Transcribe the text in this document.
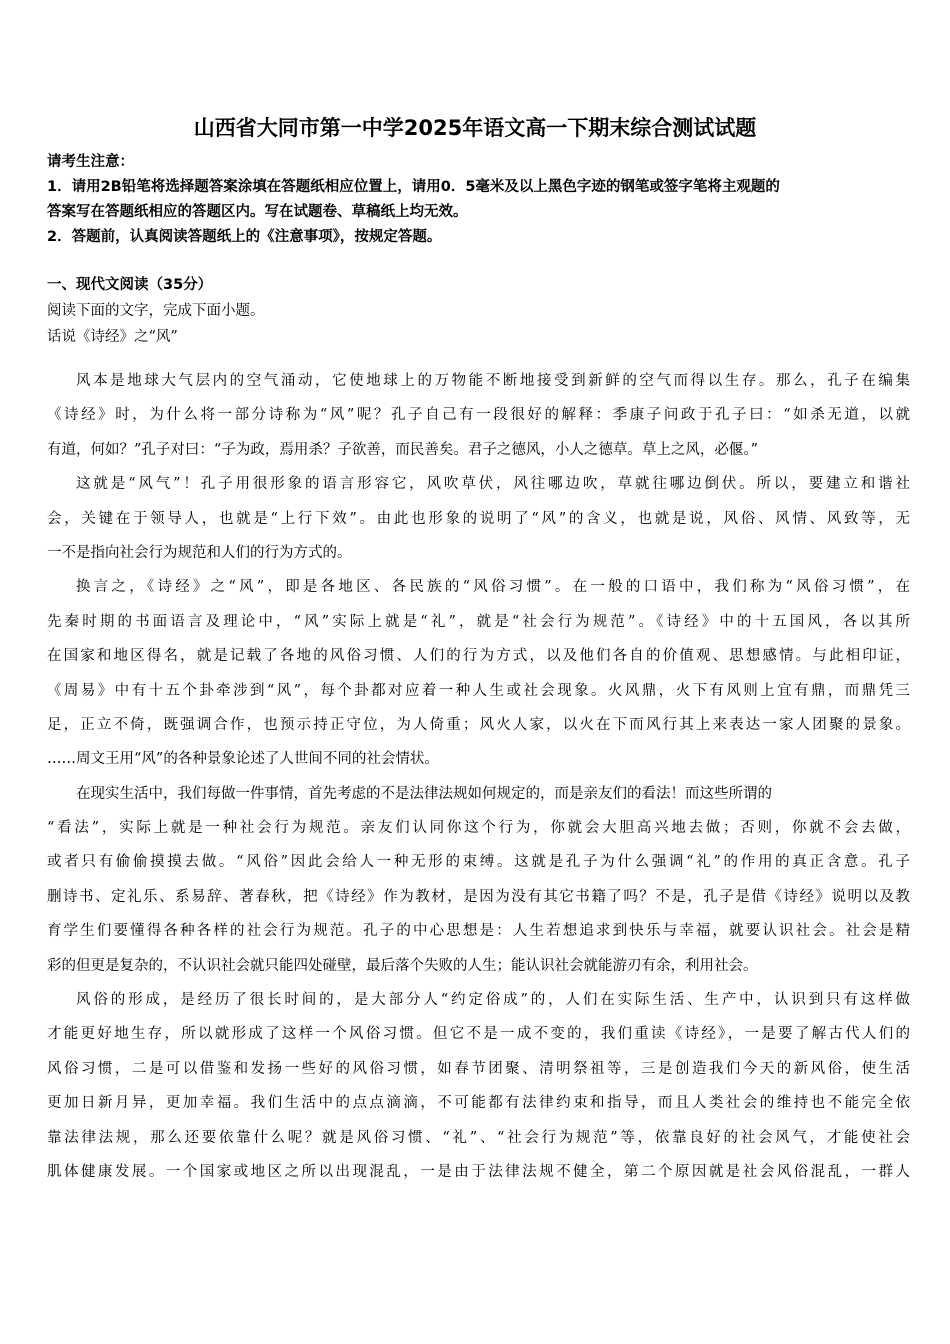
山西省大同市第一中学2025年语文高一下期末综合测试试题
请考生注意：
1．请用2B铅笔将选择题答案涂填在答题纸相应位置上，请用0．5毫米及以上黑色字迹的钢笔或签字笔将主观题的
答案写在答题纸相应的答题区内。写在试题卷、草稿纸上均无效。
2．答题前，认真阅读答题纸上的《注意事项》，按规定答题。
一、现代文阅读（35分）
阅读下面的文字，完成下面小题。
话说《诗经》之“风”
风本是地球大气层内的空气涌动，它使地球上的万物能不断地接受到新鲜的空气而得以生存。那么，孔子在编集
《诗经》时，为什么将一部分诗称为“风”呢？孔子自己有一段很好的解释：季康子问政于孔子曰：“如杀无道，以就
有道，何如？”孔子对曰：“子为政，焉用杀？子欲善，而民善矣。君子之德风，小人之德草。草上之风，必偃。”
这就是“风气”！孔子用很形象的语言形容它，风吹草伏，风往哪边吹，草就往哪边倒伏。所以，要建立和谐社
会，关键在于领导人，也就是“上行下效”。由此也形象的说明了“风”的含义，也就是说，风俗、风情、风致等，无
一不是指向社会行为规范和人们的行为方式的。
换言之，《诗经》之“风”，即是各地区、各民族的“风俗习惯”。在一般的口语中，我们称为“风俗习惯”，在
先秦时期的书面语言及理论中，“风”实际上就是“礼”，就是“社会行为规范”。《诗经》中的十五国风，各以其所
在国家和地区得名，就是记载了各地的风俗习惯、人们的行为方式，以及他们各自的价值观、思想感情。与此相印证，
《周易》中有十五个卦牵涉到“风”，每个卦都对应着一种人生或社会现象。火风鼎，火下有风则上宜有鼎，而鼎凭三
足，正立不倚，既强调合作，也预示持正守位，为人倚重；风火人家，以火在下而风行其上来表达一家人团聚的景象。
……周文王用“风”的各种景象论述了人世间不同的社会情状。
在现实生活中，我们每做一件事情，首先考虑的不是法律法规如何规定的，而是亲友们的看法！而这些所谓的
“看法”，实际上就是一种社会行为规范。亲友们认同你这个行为，你就会大胆高兴地去做；否则，你就不会去做，
或者只有偷偷摸摸去做。“风俗”因此会给人一种无形的束缚。这就是孔子为什么强调“礼”的作用的真正含意。孔子
删诗书、定礼乐、系易辞、著春秋，把《诗经》作为教材，是因为没有其它书籍了吗？不是，孔子是借《诗经》说明以及教
育学生们要懂得各种各样的社会行为规范。孔子的中心思想是：人生若想追求到快乐与幸福，就要认识社会。社会是精
彩的但更是复杂的，不认识社会就只能四处碰壁，最后落个失败的人生；能认识社会就能游刃有余，利用社会。
风俗的形成，是经历了很长时间的，是大部分人“约定俗成”的，人们在实际生活、生产中，认识到只有这样做
才能更好地生存，所以就形成了这样一个风俗习惯。但它不是一成不变的，我们重读《诗经》，一是要了解古代人们的
风俗习惯，二是可以借鉴和发扬一些好的风俗习惯，如春节团聚、清明祭祖等，三是创造我们今天的新风俗，使生活
更加日新月异，更加幸福。我们生活中的点点滴滴，不可能都有法律约束和指导，而且人类社会的维持也不能完全依
靠法律法规，那么还要依靠什么呢？就是风俗习惯、“礼”、“社会行为规范”等，依靠良好的社会风气，才能使社会
肌体健康发展。一个国家或地区之所以出现混乱，一是由于法律法规不健全，第二个原因就是社会风俗混乱，一群人
